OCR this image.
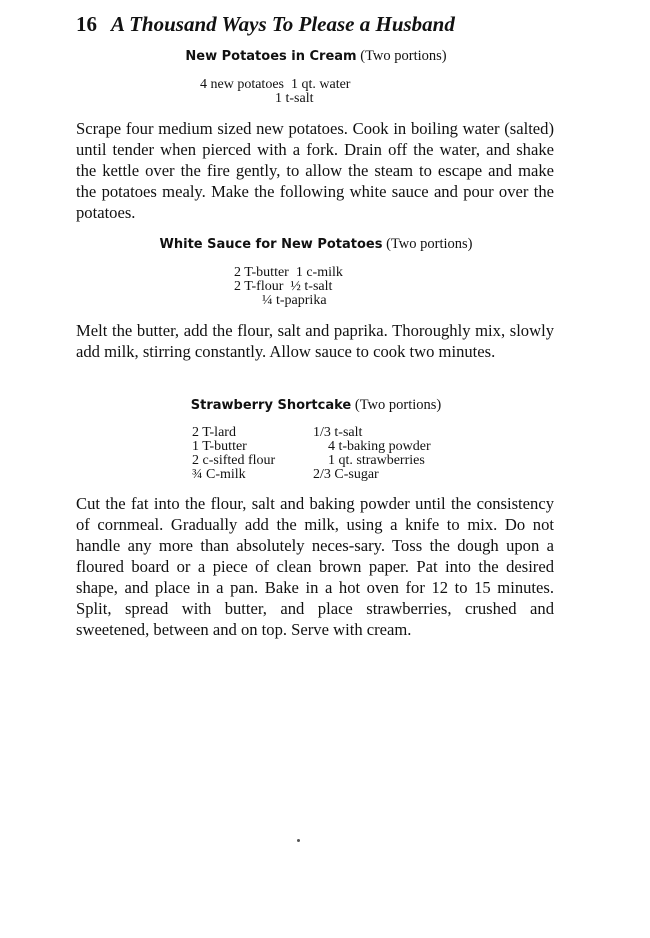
16 A Thousand Ways To Please a Husband
New Potatoes in Cream (Two portions)
4 new potatoes  1 qt. water
1 t-salt
Scrape four medium sized new potatoes. Cook in boiling water (salted) until tender when pierced with a fork. Drain off the water, and shake the kettle over the fire gently, to allow the steam to escape and make the potatoes mealy. Make the following white sauce and pour over the potatoes.
White Sauce for New Potatoes (Two portions)
2 T-butter  1 c-milk
2 T-flour  ½ t-salt
¼ t-paprika
Melt the butter, add the flour, salt and paprika. Thoroughly mix, slowly add milk, stirring constantly. Allow sauce to cook two minutes.
Strawberry Shortcake (Two portions)
2 T-lard
1 T-butter
2 c-sifted flour
¾ C-milk
1/3 t-salt
4 t-baking powder
1 qt. strawberries
2/3 C-sugar
Cut the fat into the flour, salt and baking powder until the consistency of cornmeal. Gradually add the milk, using a knife to mix. Do not handle any more than absolutely neces-sary. Toss the dough upon a floured board or a piece of clean brown paper. Pat into the desired shape, and place in a pan. Bake in a hot oven for 12 to 15 minutes. Split, spread with butter, and place strawberries, crushed and sweetened, between and on top. Serve with cream.
